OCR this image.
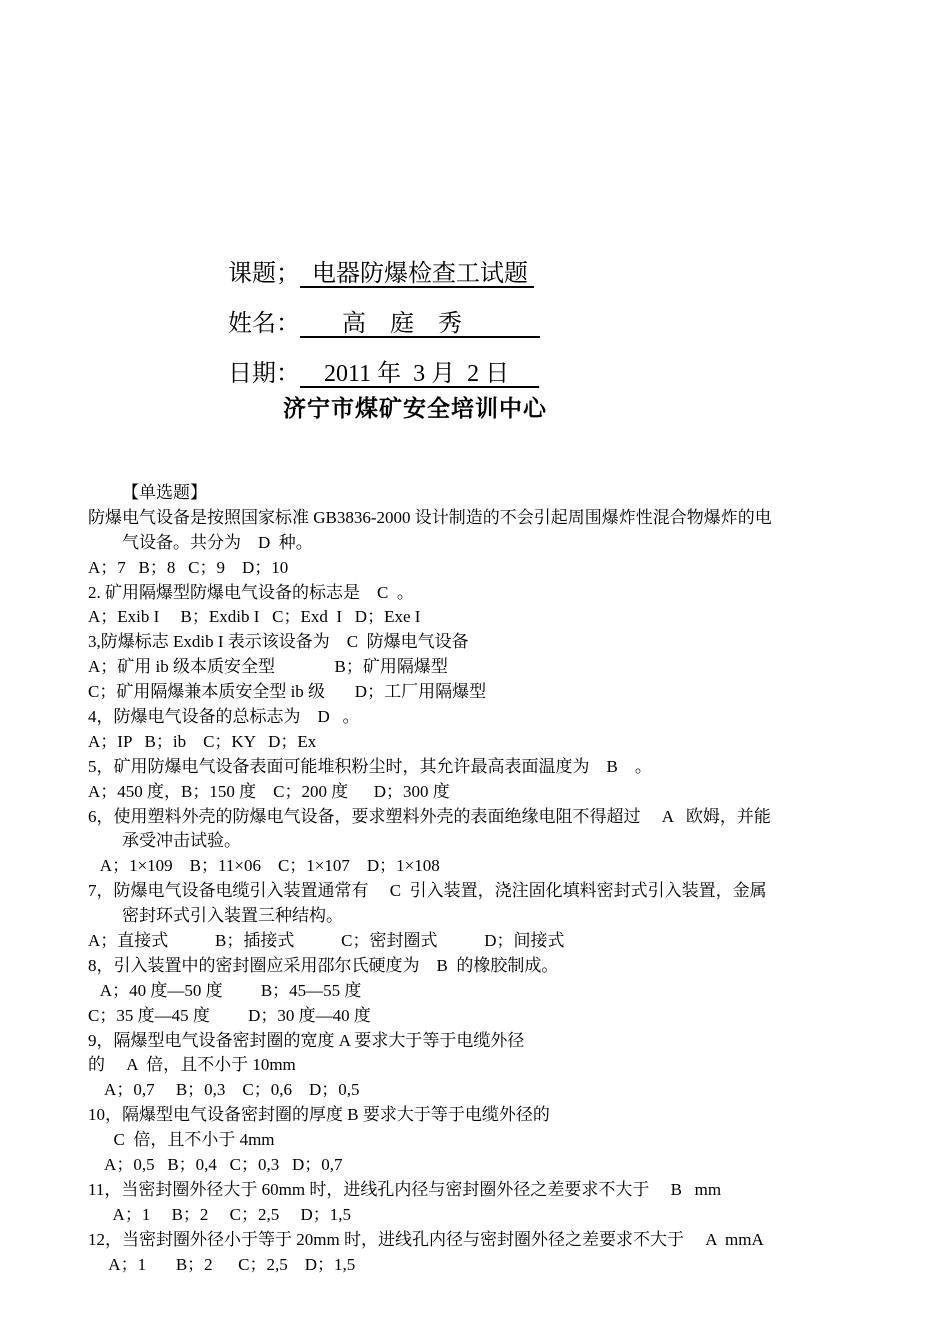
课题； 电器防爆检查工试题
姓名： 高    庭    秀
日期： 2011 年  3 月  2 日
济宁市煤矿安全培训中心
【单选题】
防爆电气设备是按照国家标准 GB3836-2000 设计制造的不会引起周围爆炸性混合物爆炸的电
气设备。共分为    D  种。
A；7   B；8   C；9    D；10
2. 矿用隔爆型防爆电气设备的标志是    C  。
A；Exib I     B；Exdib I   C；Exd  I   D；Exe I
3,防爆标志 Exdib I 表示该设备为    C  防爆电气设备
A；矿用 ib 级本质安全型              B；矿用隔爆型
C；矿用隔爆兼本质安全型 ib 级       D；工厂用隔爆型
4，防爆电气设备的总标志为    D   。
A；IP   B；ib    C；KY   D；Ex
5，矿用防爆电气设备表面可能堆积粉尘时，其允许最高表面温度为    B    。
A；450 度，B；150 度    C；200 度      D；300 度
6，使用塑料外壳的防爆电气设备，要求塑料外壳的表面绝缘电阻不得超过     A   欧姆，并能
承受冲击试验。
A；1×109    B；11×06    C；1×107    D；1×108
7，防爆电气设备电缆引入装置通常有     C  引入装置，浇注固化填料密封式引入装置，金属
密封环式引入装置三种结构。
A；直接式           B；插接式           C；密封圈式           D；间接式
8，引入装置中的密封圈应采用邵尔氏硬度为    B  的橡胶制成。
A；40 度—50 度         B；45—55 度
C；35 度—45 度         D；30 度—40 度
9，隔爆型电气设备密封圈的宽度 A 要求大于等于电缆外径
的     A  倍，且不小于 10mm
A；0,7     B；0,3    C；0,6    D；0,5
10，隔爆型电气设备密封圈的厚度 B 要求大于等于电缆外径的
C  倍，且不小于 4mm
A；0,5   B；0,4   C；0,3   D；0,7
11，当密封圈外径大于 60mm 时，进线孔内径与密封圈外径之差要求不大于     B   mm
A；1     B；2     C；2,5     D；1,5
12，当密封圈外径小于等于 20mm 时，进线孔内径与密封圈外径之差要求不大于     A  mmA
A；1       B；2      C；2,5    D；1,5
